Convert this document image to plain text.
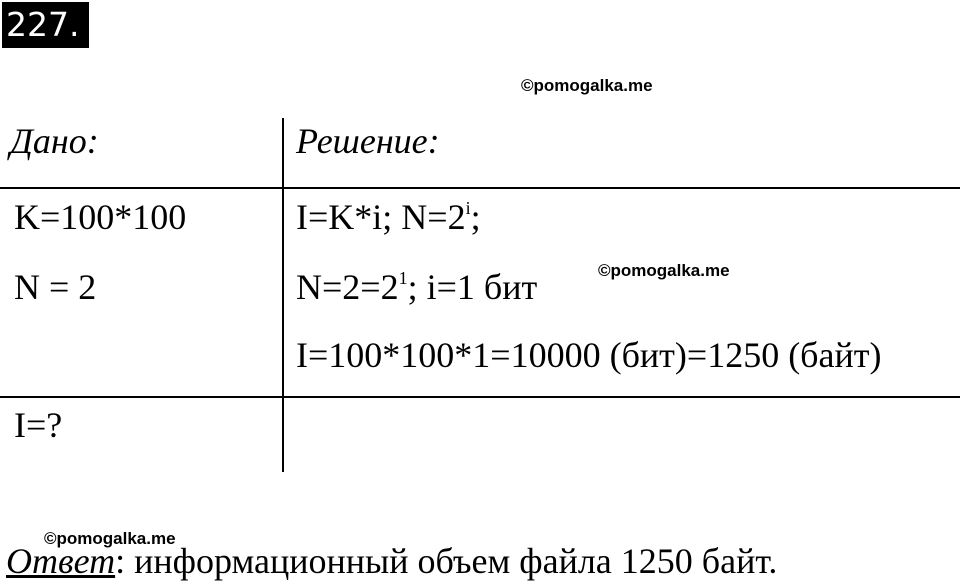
227.
©pomogalka.me
Дано:	Решение:
K=100*100
N = 2
I=?
I=K*i; $N=2^i$;
$N=2=2^1$; i=1 бит	©pomogalka.me
I=100*100*1=10000 (бит)=1250 (байт)
©pomogalka.me
Ответ: информационный объем файла 1250 байт.
